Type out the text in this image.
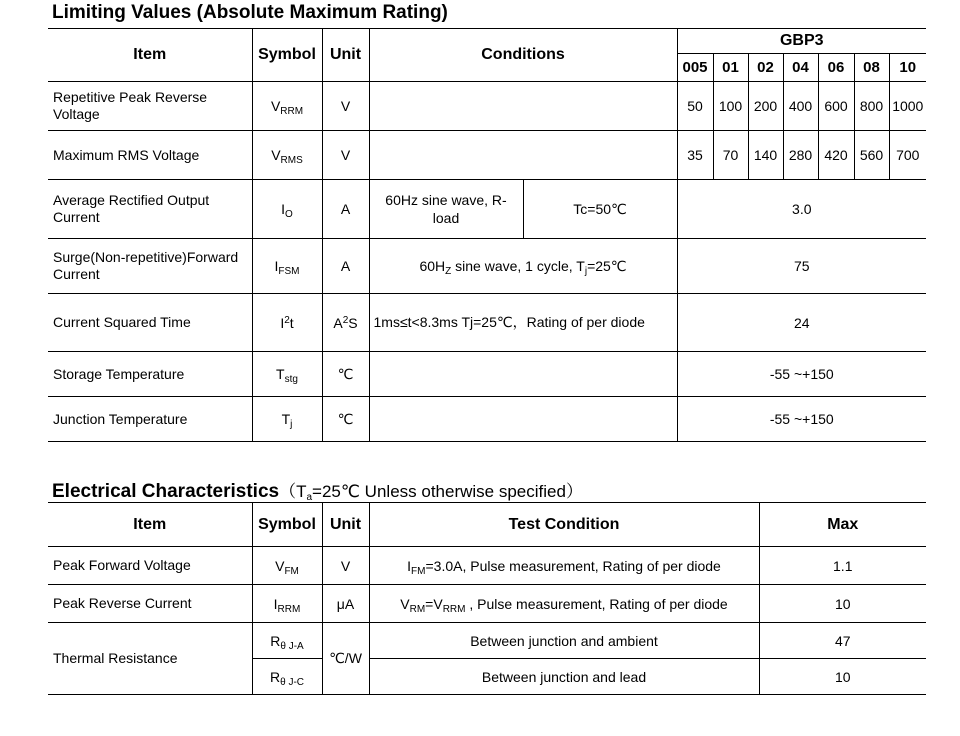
Limiting Values (Absolute Maximum Rating)
Item	Symbol	Unit	Conditions		GBP3						
					005	01	02	04	06	08	10
Repetitive Peak Reverse Voltage	$V_{RRM}$	V			50	100	200	400	600	800	1000
Maximum RMS Voltage	$V_{RMS}$	V			35	70	140	280	420	560	700
Average Rectified Output Current	$I_O$	A	60Hz sine wave, R-load	Tc=50℃	3.0						
Surge(Non-repetitive)Forward Current	$I_{FSM}$	A	$60H_Z$ sine wave, 1 cycle, $T_j=25℃$		75						
Current Squared Time	$I^2t$	$A^2S$	1ms≤t<8.3ms Tj=25℃，Rating of per diode		24						
Storage Temperature	$T_{stg}$	℃			-55 ~+150						
Junction Temperature	$T_j$	℃			-55 ~+150						
Electrical $Characteristics(T_a=25℃$ Unless otherwise specified）
Item	Symbol	Unit	Test Condition	Max
Peak Forward Voltage	$V_{FM}$	V	$I_{FM}=3.0A$, Pulse measurement, Rating of per diode	1.1
Peak Reverse Current	$I_{RRM}$	μA	$V_{RM}=V_{RRM}$ , Pulse measurement, Rating of per diode	10
Thermal Resistance	$R_{\theta J-A}$	℃/W	Between junction and ambient	47
	$R_{\theta J-C}$		Between junction and lead	10
